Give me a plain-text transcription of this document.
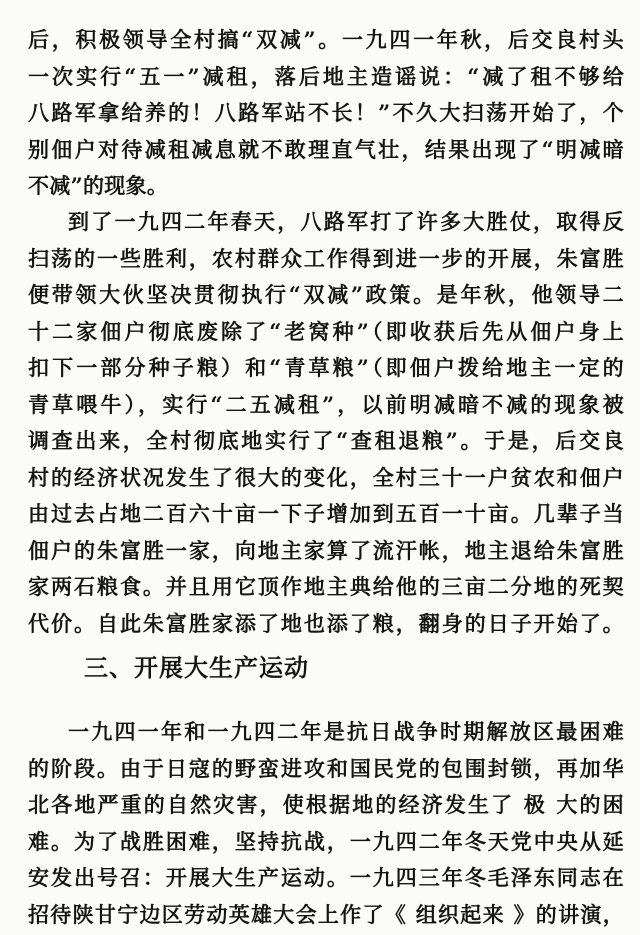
后，积极领导全村搞“双减”。一九四一年秋，后交良村头
一次实行“五一”减租，落后地主造谣说：“减了租不够给
八路军拿给养的！八路军站不长！”不久大扫荡开始了，个
别佃户对待减租减息就不敢理直气壮，结果出现了“明减暗
不减”的现象。
到了一九四二年春天，八路军打了许多大胜仗，取得反
扫荡的一些胜利，农村群众工作得到进一步的开展，朱富胜
便带领大伙坚决贯彻执行“双减”政策。是年秋，他领导二
十二家佃户彻底废除了“老窝种”（即收获后先从佃户身上
扣下一部分种子粮）和“青草粮”（即佃户拨给地主一定的
青草喂牛），实行“二五减租”，以前明减暗不减的现象被
调查出来，全村彻底地实行了“查租退粮”。于是，后交良
村的经济状况发生了很大的变化，全村三十一户贫农和佃户
由过去占地二百六十亩一下子增加到五百一十亩。几辈子当
佃户的朱富胜一家，向地主家算了流汗帐，地主退给朱富胜
家两石粮食。并且用它顶作地主典给他的三亩二分地的死契
代价。自此朱富胜家添了地也添了粮，翻身的日子开始了。
三、开展大生产运动
一九四一年和一九四二年是抗日战争时期解放区最困难
的阶段。由于日寇的野蛮进攻和国民党的包围封锁，再加华
北各地严重的自然灾害，使根据地的经济发生了 极 大的困
难。为了战胜困难，坚持抗战，一九四二年冬天党中央从延
安发出号召：开展大生产运动。一九四三年冬毛泽东同志在
招待陕甘宁边区劳动英雄大会上作了《 组织起来 》的讲演，
